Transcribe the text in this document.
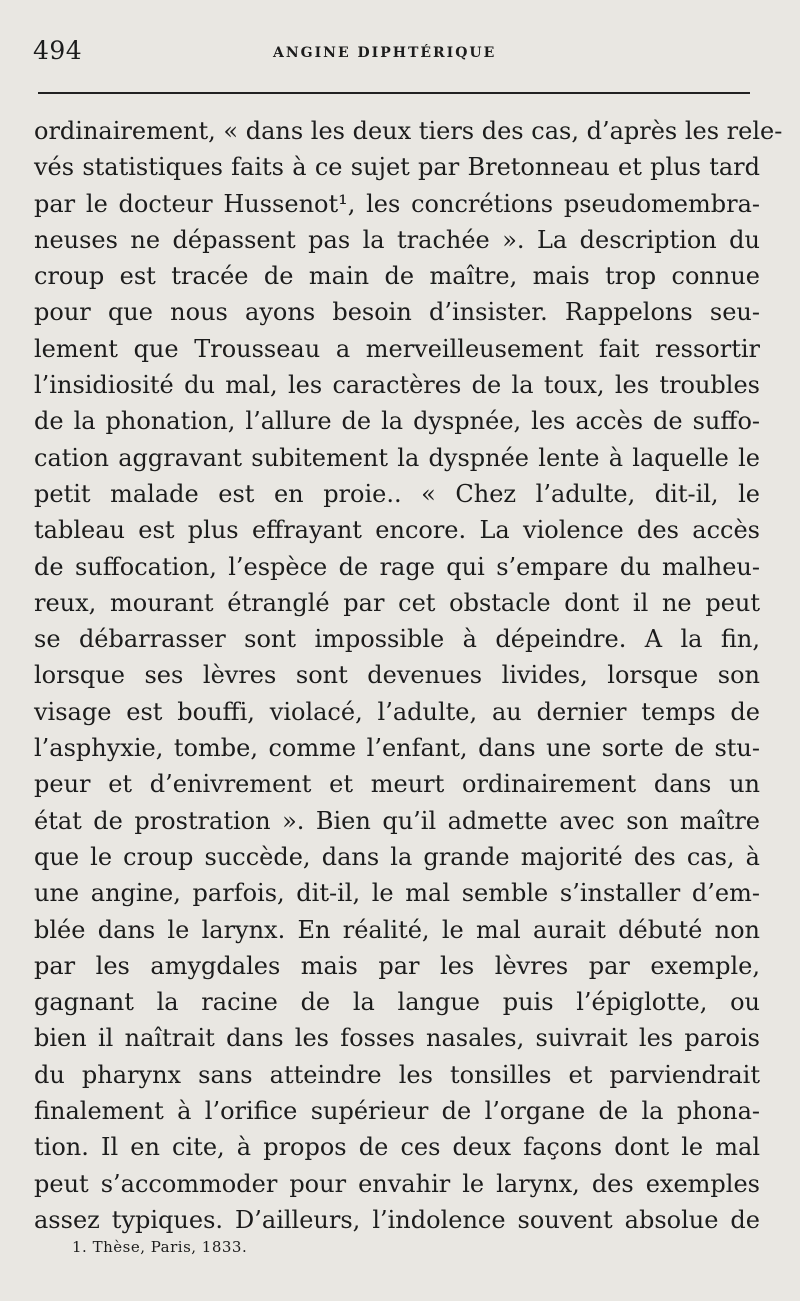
494	ANGINE DIPHTÉRIQUE
ordinairement, « dans les deux tiers des cas, d’après les rele-
vés statistiques faits à ce sujet par Bretonneau et plus tard
par le docteur Hussenot¹, les concrétions pseudomembra-
neuses ne dépassent pas la trachée ». La description du
croup est tracée de main de maître, mais trop connue
pour que nous ayons besoin d’insister. Rappelons seu-
lement que Trousseau a merveilleusement fait ressortir
l’insidiosité du mal, les caractères de la toux, les troubles
de la phonation, l’allure de la dyspnée, les accès de suffo-
cation aggravant subitement la dyspnée lente à laquelle le
petit malade est en proie.. « Chez l’adulte, dit-il, le
tableau est plus effrayant encore. La violence des accès
de suffocation, l’espèce de rage qui s’empare du malheu-
reux, mourant étranglé par cet obstacle dont il ne peut
se débarrasser sont impossible à dépeindre. A la fin,
lorsque ses lèvres sont devenues livides, lorsque son
visage est bouffi, violacé, l’adulte, au dernier temps de
l’asphyxie, tombe, comme l’enfant, dans une sorte de stu-
peur et d’enivrement et meurt ordinairement dans un
état de prostration ». Bien qu’il admette avec son maître
que le croup succède, dans la grande majorité des cas, à
une angine, parfois, dit-il, le mal semble s’installer d’em-
blée dans le larynx. En réalité, le mal aurait débuté non
par les amygdales mais par les lèvres par exemple,
gagnant la racine de la langue puis l’épiglotte, ou
bien il naîtrait dans les fosses nasales, suivrait les parois
du pharynx sans atteindre les tonsilles et parviendrait
finalement à l’orifice supérieur de l’organe de la phona-
tion. Il en cite, à propos de ces deux façons dont le mal
peut s’accommoder pour envahir le larynx, des exemples
assez typiques. D’ailleurs, l’indolence souvent absolue de
1. Thèse, Paris, 1833.
